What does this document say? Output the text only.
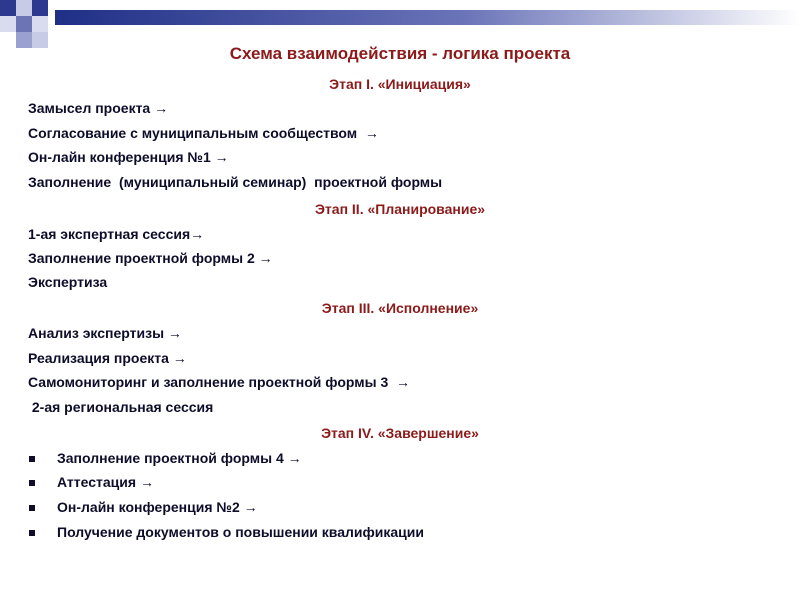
Схема взаимодействия - логика проекта
Этап I. «Инициация»
Замысел проекта →
Согласование с муниципальным сообществом  →
Он-лайн конференция №1 →
Заполнение  (муниципальный семинар)  проектной формы
Этап II. «Планирование»
1-ая экспертная сессия→
Заполнение проектной формы 2 →
Экспертиза
Этап III. «Исполнение»
Анализ экспертизы →
Реализация проекта →
Самомониторинг и заполнение проектной формы 3  →
2-ая региональная сессия
Этап IV. «Завершение»
Заполнение проектной формы 4 →
Аттестация →
Он-лайн конференция №2 →
Получение документов о повышении квалификации
